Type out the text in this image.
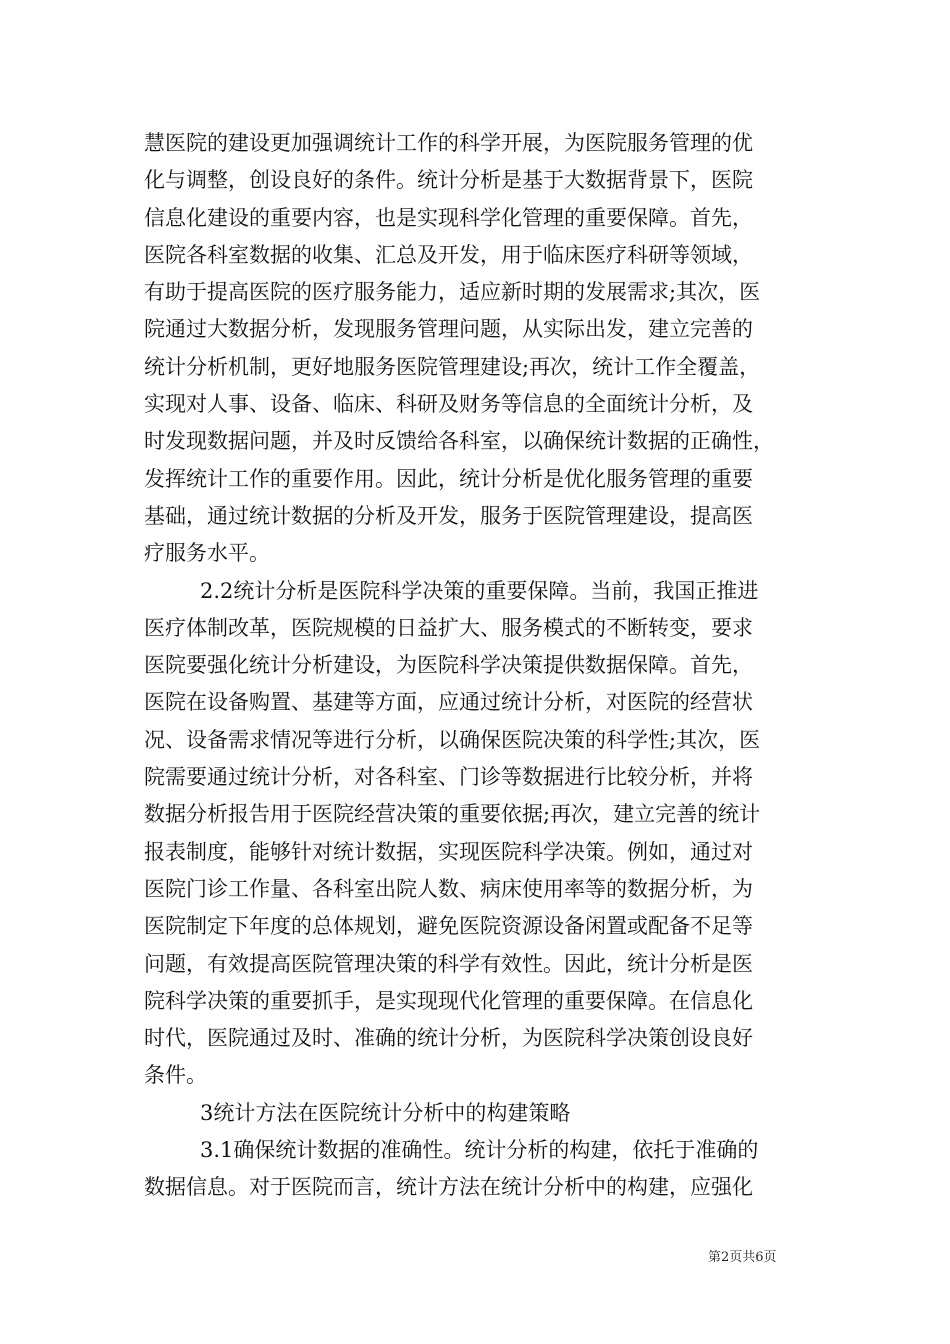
慧医院的建设更加强调统计工作的科学开展，为医院服务管理的优
化与调整，创设良好的条件。统计分析是基于大数据背景下，医院
信息化建设的重要内容，也是实现科学化管理的重要保障。首先，
医院各科室数据的收集、汇总及开发，用于临床医疗科研等领域，
有助于提高医院的医疗服务能力，适应新时期的发展需求;其次，医
院通过大数据分析，发现服务管理问题，从实际出发，建立完善的
统计分析机制，更好地服务医院管理建设;再次，统计工作全覆盖，
实现对人事、设备、临床、科研及财务等信息的全面统计分析，及
时发现数据问题，并及时反馈给各科室，以确保统计数据的正确性，
发挥统计工作的重要作用。因此，统计分析是优化服务管理的重要
基础，通过统计数据的分析及开发，服务于医院管理建设，提高医
疗服务水平。
2.2统计分析是医院科学决策的重要保障。当前，我国正推进
医疗体制改革，医院规模的日益扩大、服务模式的不断转变，要求
医院要强化统计分析建设，为医院科学决策提供数据保障。首先，
医院在设备购置、基建等方面，应通过统计分析，对医院的经营状
况、设备需求情况等进行分析，以确保医院决策的科学性;其次，医
院需要通过统计分析，对各科室、门诊等数据进行比较分析，并将
数据分析报告用于医院经营决策的重要依据;再次，建立完善的统计
报表制度，能够针对统计数据，实现医院科学决策。例如，通过对
医院门诊工作量、各科室出院人数、病床使用率等的数据分析，为
医院制定下年度的总体规划，避免医院资源设备闲置或配备不足等
问题，有效提高医院管理决策的科学有效性。因此，统计分析是医
院科学决策的重要抓手，是实现现代化管理的重要保障。在信息化
时代，医院通过及时、准确的统计分析，为医院科学决策创设良好
条件。
3统计方法在医院统计分析中的构建策略
3.1确保统计数据的准确性。统计分析的构建，依托于准确的
数据信息。对于医院而言，统计方法在统计分析中的构建，应强化
第2页共6页
